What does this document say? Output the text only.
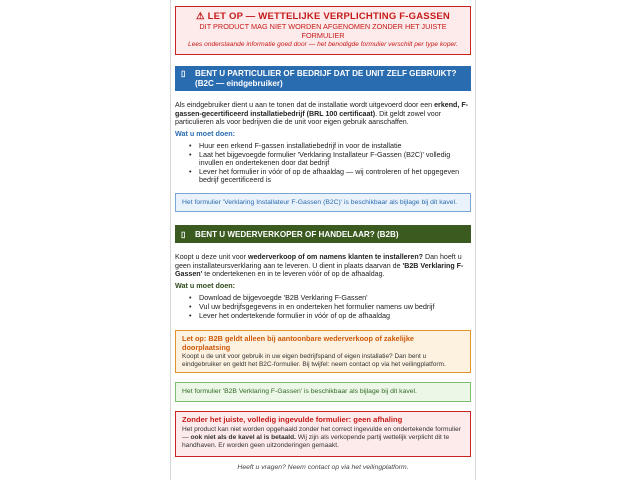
⚠ LET OP — WETTELIJKE VERPLICHTING F-GASSEN
DIT PRODUCT MAG NIET WORDEN AFGENOMEN ZONDER HET JUISTE FORMULIER
Lees onderstaande informatie goed door — het benodigde formulier verschilt per type koper.
▯	BENT U PARTICULIER OF BEDRIJF DAT DE UNIT ZELF GEBRUIKT? (B2C — eindgebruiker)
Als eindgebruiker dient u aan te tonen dat de installatie wordt uitgevoerd door een erkend, F-gassen-gecertificeerd installatiebedrijf (BRL 100 certificaat). Dit geldt zowel voor particulieren als voor bedrijven die de unit voor eigen gebruik aanschaffen.
Wat u moet doen:
• Huur een erkend F-gassen installatiebedrijf in voor de installatie
• Laat het bijgevoegde formulier 'Verklaring Installateur F-Gassen (B2C)' volledig invullen en ondertekenen door dat bedrijf
• Lever het formulier in vóór of op de afhaaldag — wij controleren of het opgegeven bedrijf gecertificeerd is
Het formulier 'Verklaring Installateur F-Gassen (B2C)' is beschikbaar als bijlage bij dit kavel.
▯	BENT U WEDERVERKOPER OF HANDELAAR? (B2B)
Koopt u deze unit voor wederverkoop of om namens klanten te installeren? Dan hoeft u geen installateursverklaring aan te leveren. U dient in plaats daarvan de 'B2B Verklaring F-Gassen' te ondertekenen en in te leveren vóór of op de afhaaldag.
Wat u moet doen:
• Download de bijgevoegde 'B2B Verklaring F-Gassen'
• Vul uw bedrijfsgegevens in en onderteken het formulier namens uw bedrijf
• Lever het ondertekende formulier in vóór of op de afhaaldag
Let op: B2B geldt alleen bij aantoonbare wederverkoop of zakelijke doorplaatsing
Koopt u de unit voor gebruik in uw eigen bedrijfspand of eigen installatie? Dan bent u eindgebruiker en geldt het B2C-formulier. Bij twijfel: neem contact op via het veilingplatform.
Het formulier 'B2B Verklaring F-Gassen' is beschikbaar als bijlage bij dit kavel.
Zonder het juiste, volledig ingevulde formulier: geen afhaling
Het product kan niet worden opgehaald zonder het correct ingevulde en ondertekende formulier — ook niet als de kavel al is betaald. Wij zijn als verkopende partij wettelijk verplicht dit te handhaven. Er worden geen uitzonderingen gemaakt.
Heeft u vragen? Neem contact op via het veilingplatform.
